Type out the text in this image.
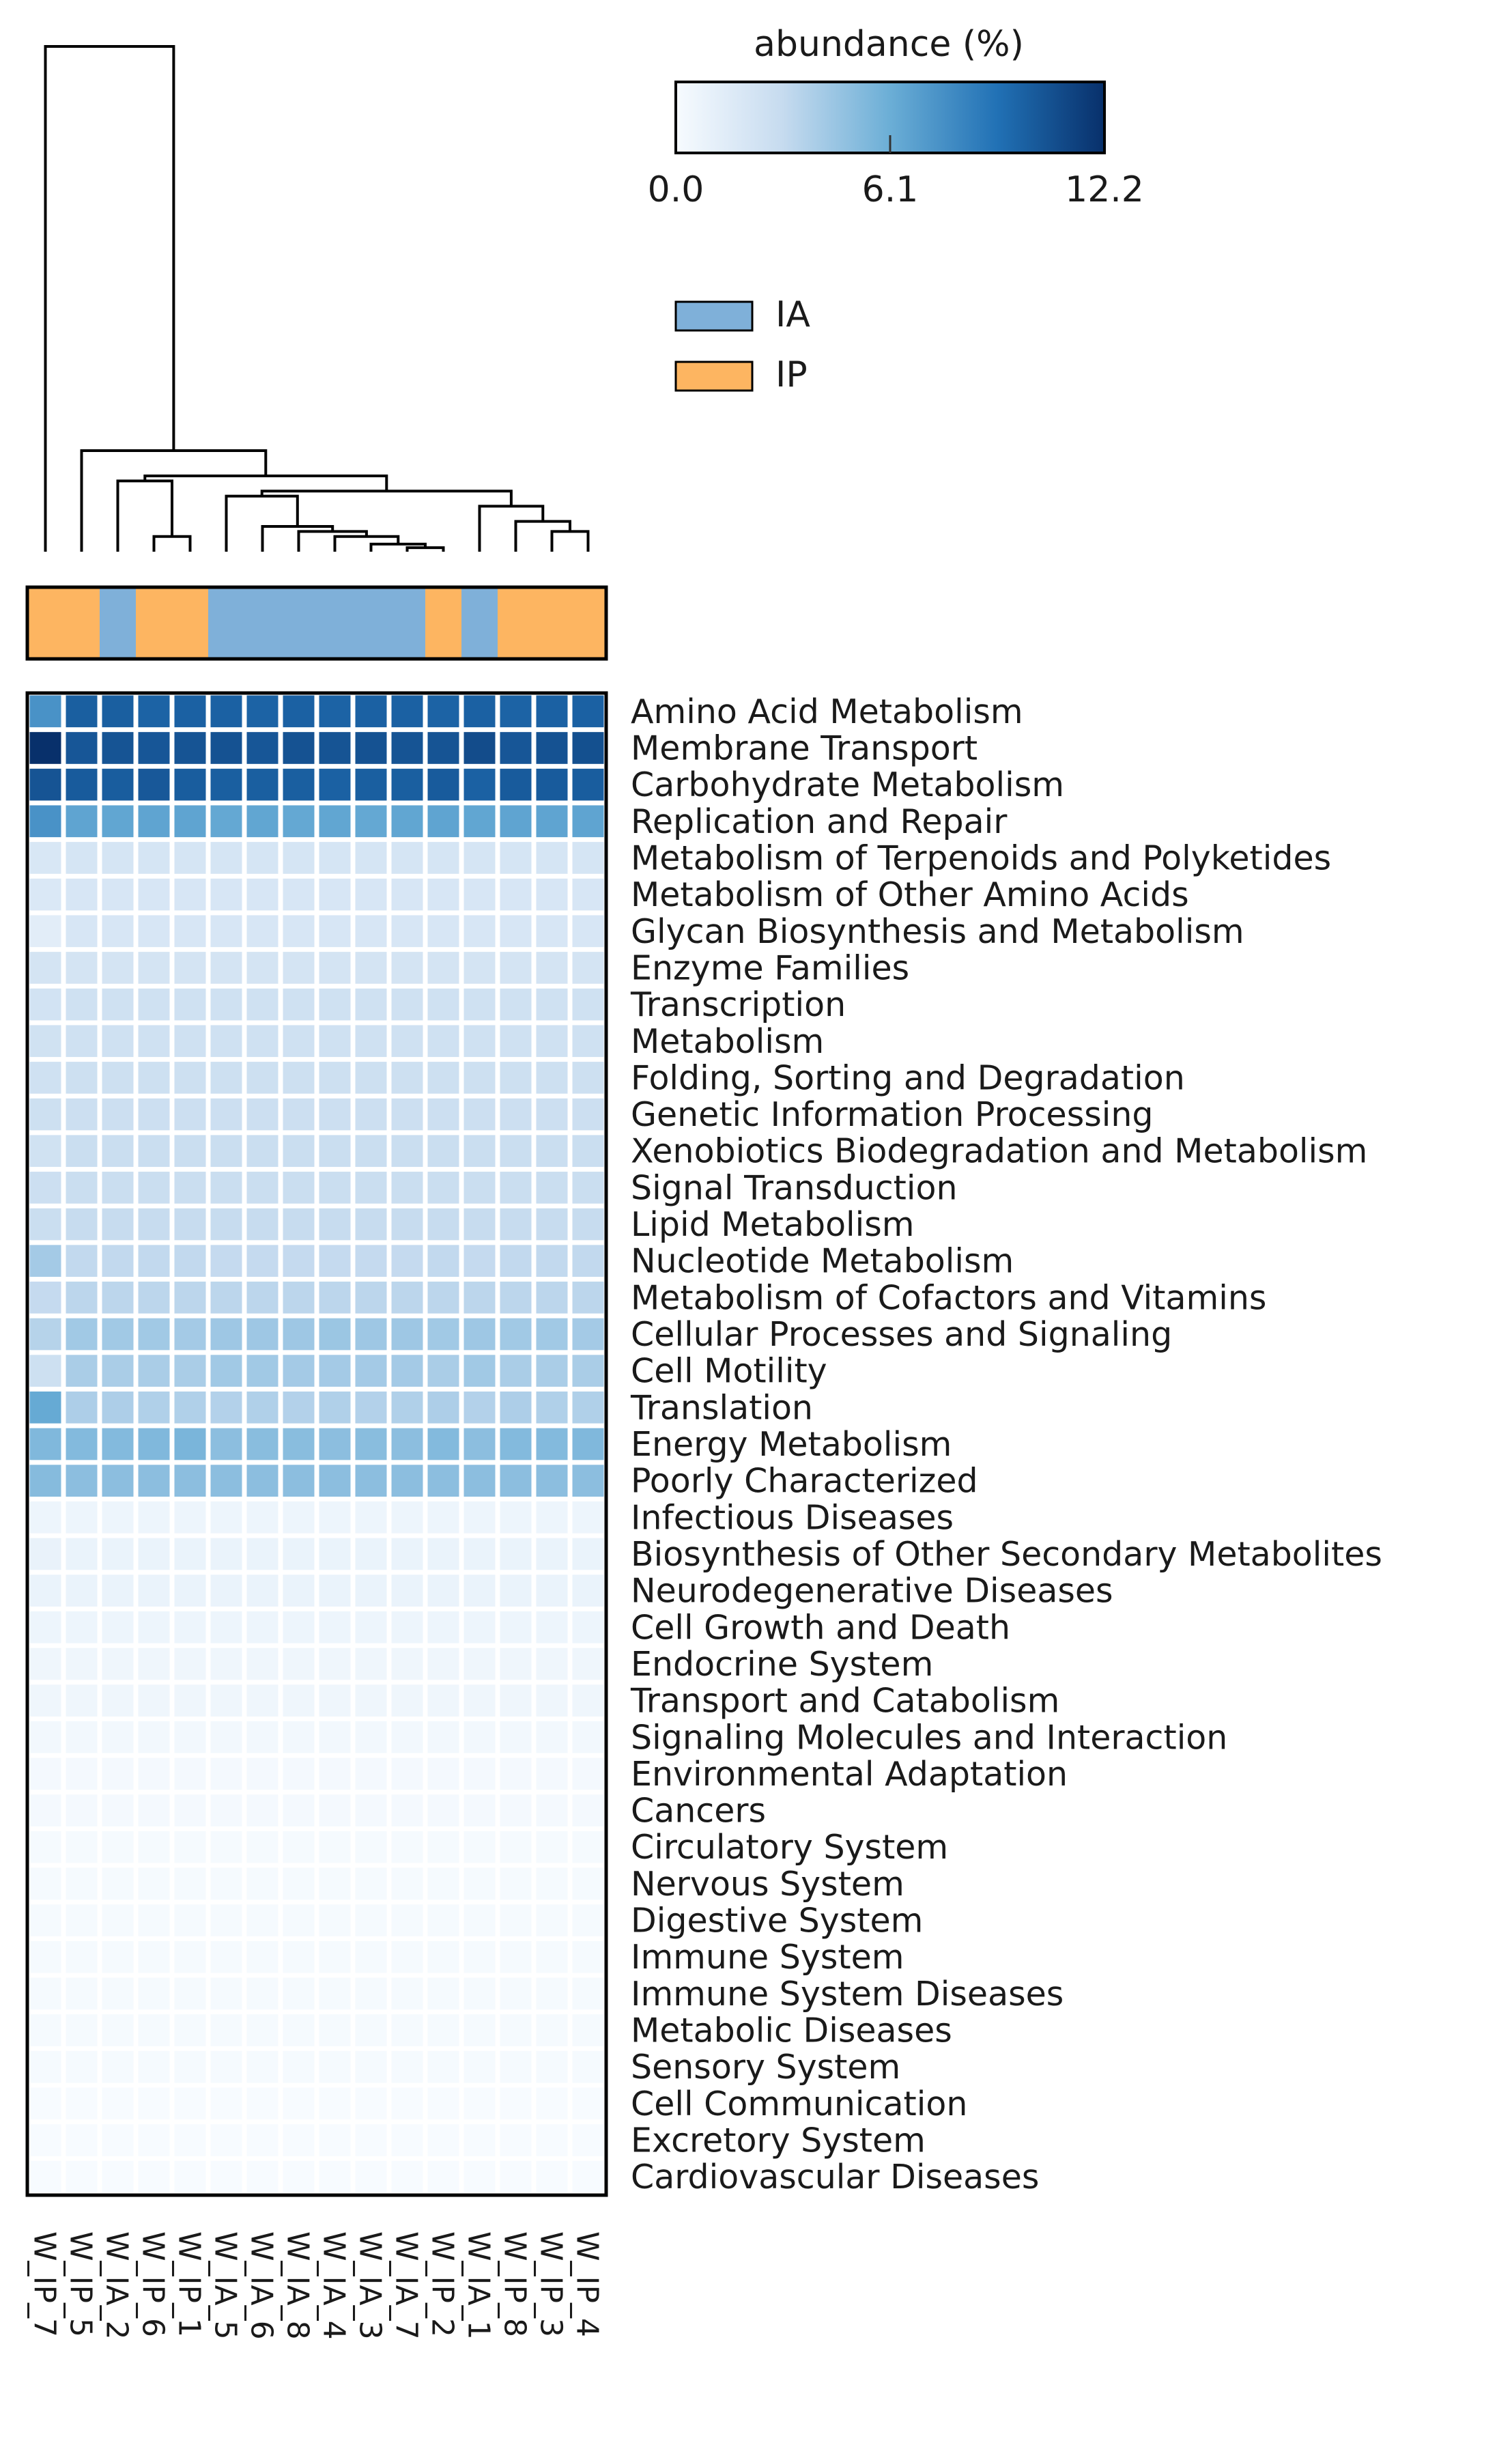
abundance (%)
0.0	6.1	12.2
IA
IP
Amino Acid Metabolism
Membrane Transport
Carbohydrate Metabolism
Replication and Repair
Metabolism of Terpenoids and Polyketides
Metabolism of Other Amino Acids
Glycan Biosynthesis and Metabolism
Enzyme Families
Transcription
Metabolism
Folding, Sorting and Degradation
Genetic Information Processing
Xenobiotics Biodegradation and Metabolism
Signal Transduction
Lipid Metabolism
Nucleotide Metabolism
Metabolism of Cofactors and Vitamins
Cellular Processes and Signaling
Cell Motility
Translation
Energy Metabolism
Poorly Characterized
Infectious Diseases
Biosynthesis of Other Secondary Metabolites
Neurodegenerative Diseases
Cell Growth and Death
Endocrine System
Transport and Catabolism
Signaling Molecules and Interaction
Environmental Adaptation
Cancers
Circulatory System
Nervous System
Digestive System
Immune System
Immune System Diseases
Metabolic Diseases
Sensory System
Cell Communication
Excretory System
Cardiovascular Diseases
W_IP_7 W_IP_5 W_IA_2 W_IP_6 W_IP_1 W_IA_5 W_IA_6 W_IA_8 W_IA_4 W_IA_3 W_IA_7 W_IP_2 W_IA_1 W_IP_8 W_IP_3 W_IP_4
